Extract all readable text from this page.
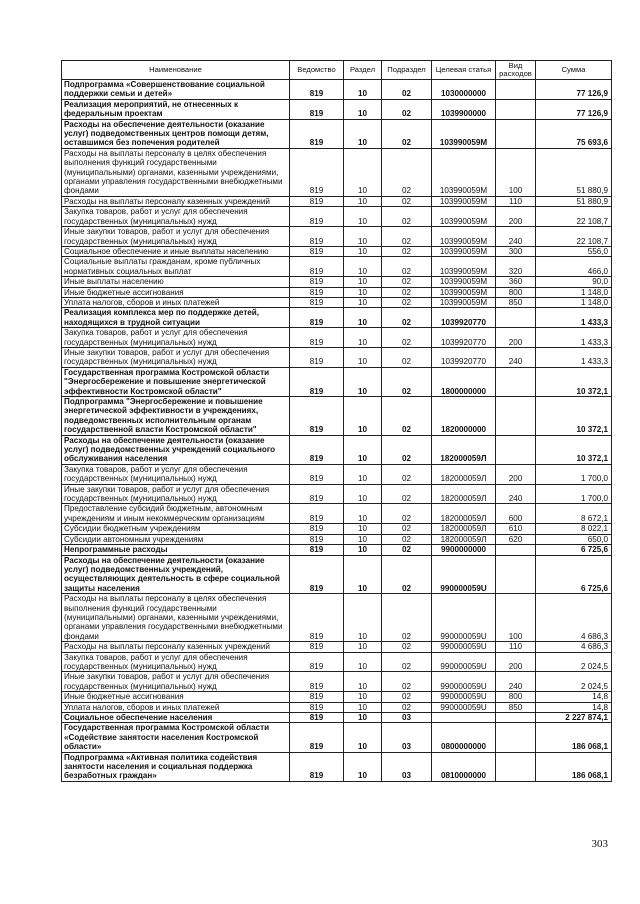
Наименование	Ведомство	Раздел	Подраздел	Целевая статья	Вид расходов	Сумма
Подпрограмма «Совершенствование социальной поддержки семьи и детей»	819	10	02	1030000000		77 126,9
Реализация мероприятий, не отнесенных к федеральным проектам	819	10	02	1039900000		77 126,9
Расходы на обеспечение деятельности (оказание услуг) подведомственных центров помощи детям, оставшимся без попечения родителей	819	10	02	103990059М		75 693,6
Расходы на выплаты персоналу в целях обеспечения выполнения функций государственными (муниципальными) органами, казенными учреждениями, органами управления государственными внебюджетными фондами	819	10	02	103990059М	100	51 880,9
Расходы на выплаты персоналу казенных учреждений	819	10	02	103990059М	110	51 880,9
Закупка товаров, работ и услуг для обеспечения государственных (муниципальных) нужд	819	10	02	103990059М	200	22 108,7
Иные закупки товаров, работ и услуг для обеспечения государственных (муниципальных) нужд	819	10	02	103990059М	240	22 108,7
Социальное обеспечение и иные выплаты населению	819	10	02	103990059М	300	556,0
Социальные выплаты гражданам, кроме публичных нормативных социальных выплат	819	10	02	103990059М	320	466,0
Иные выплаты населению	819	10	02	103990059М	360	90,0
Иные бюджетные ассигнования	819	10	02	103990059М	800	1 148,0
Уплата налогов, сборов и иных платежей	819	10	02	103990059М	850	1 148,0
Реализация комплекса мер по поддержке детей, находящихся в трудной ситуации	819	10	02	1039920770		1 433,3
Закупка товаров, работ и услуг для обеспечения государственных (муниципальных) нужд	819	10	02	1039920770	200	1 433,3
Иные закупки товаров, работ и услуг для обеспечения государственных (муниципальных) нужд	819	10	02	1039920770	240	1 433,3
Государственная программа Костромской области "Энергосбережение и повышение энергетической эффективности Костромской области"	819	10	02	1800000000		10 372,1
Подпрограмма "Энергосбережение и повышение энергетической эффективности в учреждениях, подведомственных исполнительным органам государственной власти Костромской области"	819	10	02	1820000000		10 372,1
Расходы на обеспечение деятельности (оказание услуг) подведомственных учреждений социального обслуживания населения	819	10	02	182000059Л		10 372,1
Закупка товаров, работ и услуг для обеспечения государственных (муниципальных) нужд	819	10	02	182000059Л	200	1 700,0
Иные закупки товаров, работ и услуг для обеспечения государственных (муниципальных) нужд	819	10	02	182000059Л	240	1 700,0
Предоставление субсидий бюджетным, автономным учреждениям и иным некоммерческим организациям	819	10	02	182000059Л	600	8 672,1
Субсидии бюджетным учреждениям	819	10	02	182000059Л	610	8 022,1
Субсидии автономным учреждениям	819	10	02	182000059Л	620	650,0
Непрограммные расходы	819	10	02	9900000000		6 725,6
Расходы на обеспечение деятельности (оказание услуг) подведомственных учреждений, осуществляющих деятельность в сфере социальной защиты населения	819	10	02	990000059U		6 725,6
Расходы на выплаты персоналу в целях обеспечения выполнения функций государственными (муниципальными) органами, казенными учреждениями, органами управления государственными внебюджетными фондами	819	10	02	990000059U	100	4 686,3
Расходы на выплаты персоналу казенных учреждений	819	10	02	990000059U	110	4 686,3
Закупка товаров, работ и услуг для обеспечения государственных (муниципальных) нужд	819	10	02	990000059U	200	2 024,5
Иные закупки товаров, работ и услуг для обеспечения государственных (муниципальных) нужд	819	10	02	990000059U	240	2 024,5
Иные бюджетные ассигнования	819	10	02	990000059U	800	14,8
Уплата налогов, сборов и иных платежей	819	10	02	990000059U	850	14,8
Социальное обеспечение населения	819	10	03			2 227 874,1
Государственная программа Костромской области «Содействие занятости населения Костромской области»	819	10	03	0800000000		186 068,1
Подпрограмма «Активная политика содействия занятости населения и социальная поддержка безработных граждан»	819	10	03	0810000000		186 068,1
303
